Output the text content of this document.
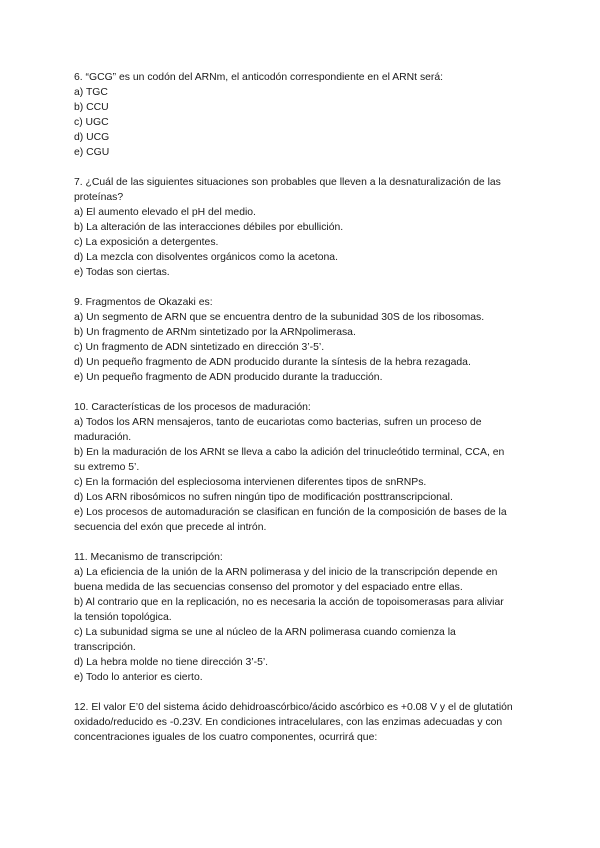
6. “GCG” es un codón del ARNm, el anticodón correspondiente en el ARNt será:
a) TGC
b) CCU
c) UGC
d) UCG
e) CGU
7. ¿Cuál de las siguientes situaciones son probables que lleven a la desnaturalización de las proteínas?
a) El aumento elevado el pH del medio.
b) La alteración de las interacciones débiles por ebullición.
c) La exposición a detergentes.
d) La mezcla con disolventes orgánicos como la acetona.
e) Todas son ciertas.
9. Fragmentos de Okazaki es:
a) Un segmento de ARN que se encuentra dentro de la subunidad 30S de los ribosomas.
b) Un fragmento de ARNm sintetizado por la ARNpolimerasa.
c) Un fragmento de ADN sintetizado en dirección 3’-5’.
d) Un pequeño fragmento de ADN producido durante la síntesis de la hebra rezagada.
e) Un pequeño fragmento de ADN producido durante la traducción.
10. Características de los procesos de maduración:
a) Todos los ARN mensajeros, tanto de eucariotas como bacterias, sufren un proceso de maduración.
b) En la maduración de los ARNt se lleva a cabo la adición del trinucleótido terminal, CCA, en su extremo 5’.
c) En la formación del espleciosoma intervienen diferentes tipos de snRNPs.
d) Los ARN ribosómicos no sufren ningún tipo de modificación posttranscripcional.
e) Los procesos de automaduración se clasifican en función de la composición de bases de la secuencia del exón que precede al intrón.
11. Mecanismo de transcripción:
a) La eficiencia de la unión de la ARN polimerasa y del inicio de la transcripción depende en buena medida de las secuencias consenso del promotor y del espaciado entre ellas.
b) Al contrario que en la replicación, no es necesaria la acción de topoisomerasas para aliviar la tensión topológica.
c) La subunidad sigma se une al núcleo de la ARN polimerasa cuando comienza la transcripción.
d) La hebra molde no tiene dirección 3’-5’.
e) Todo lo anterior es cierto.
12. El valor E’0 del sistema ácido dehidroascórbico/ácido ascórbico es +0.08 V y el de glutatión oxidado/reducido es -0.23V. En condiciones intracelulares, con las enzimas adecuadas y con concentraciones iguales de los cuatro componentes, ocurrirá que:
